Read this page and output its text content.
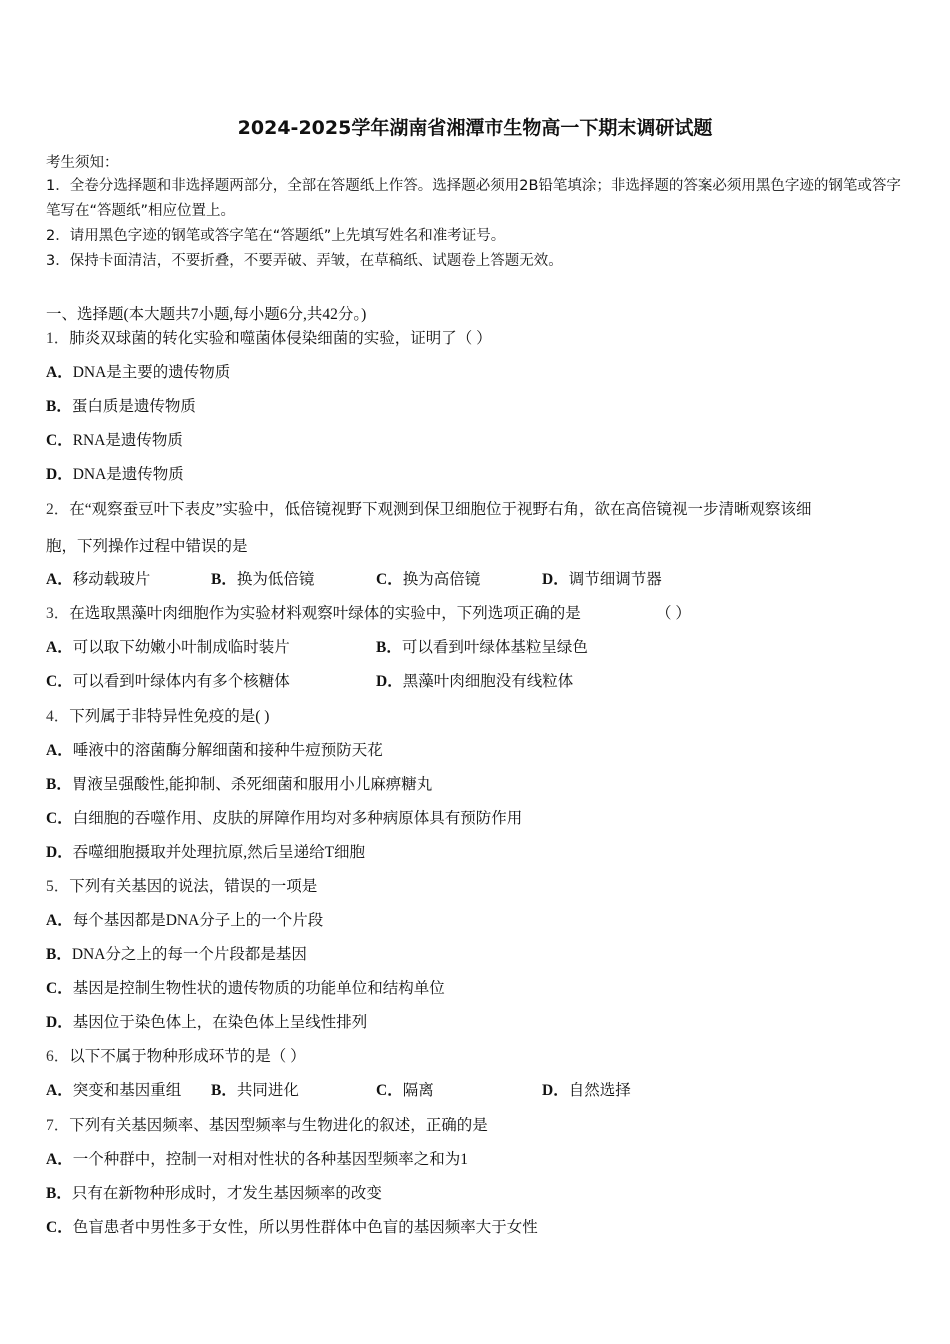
2024-2025学年湖南省湘潭市生物高一下期末调研试题
考生须知：
1．全卷分选择题和非选择题两部分，全部在答题纸上作答。选择题必须用2B铅笔填涂；非选择题的答案必须用黑色字迹的钢笔或答字笔写在“答题纸”相应位置上。
2．请用黑色字迹的钢笔或答字笔在“答题纸”上先填写姓名和准考证号。
3．保持卡面清洁，不要折叠，不要弄破、弄皱，在草稿纸、试题卷上答题无效。
一、选择题(本大题共7小题,每小题6分,共42分。)
1．肺炎双球菌的转化实验和噬菌体侵染细菌的实验，证明了（ ）
A．DNA是主要的遗传物质
B．蛋白质是遗传物质
C．RNA是遗传物质
D．DNA是遗传物质
2．在“观察蚕豆叶下表皮”实验中，低倍镜视野下观测到保卫细胞位于视野右角，欲在高倍镜视一步清晰观察该细
胞，下列操作过程中错误的是
A．移动载玻片	B．换为低倍镜	C．换为高倍镜	D．调节细调节器
3．在选取黑藻叶肉细胞作为实验材料观察叶绿体的实验中，下列选项正确的是	（ ）
A．可以取下幼嫩小叶制成临时装片	B．可以看到叶绿体基粒呈绿色
C．可以看到叶绿体内有多个核糖体	D．黑藻叶肉细胞没有线粒体
4．下列属于非特异性免疫的是( )
A．唾液中的溶菌酶分解细菌和接种牛痘预防天花
B．胃液呈强酸性,能抑制、杀死细菌和服用小儿麻痹糖丸
C．白细胞的吞噬作用、皮肤的屏障作用均对多种病原体具有预防作用
D．吞噬细胞摄取并处理抗原,然后呈递给T细胞
5．下列有关基因的说法，错误的一项是
A．每个基因都是DNA分子上的一个片段
B．DNA分之上的每一个片段都是基因
C．基因是控制生物性状的遗传物质的功能单位和结构单位
D．基因位于染色体上，在染色体上呈线性排列
6．以下不属于物种形成环节的是（ ）
A．突变和基因重组 B．共同进化	C．隔离	D．自然选择
7．下列有关基因频率、基因型频率与生物进化的叙述，正确的是
A．一个种群中，控制一对相对性状的各种基因型频率之和为1
B．只有在新物种形成时，才发生基因频率的改变
C．色盲患者中男性多于女性，所以男性群体中色盲的基因频率大于女性
